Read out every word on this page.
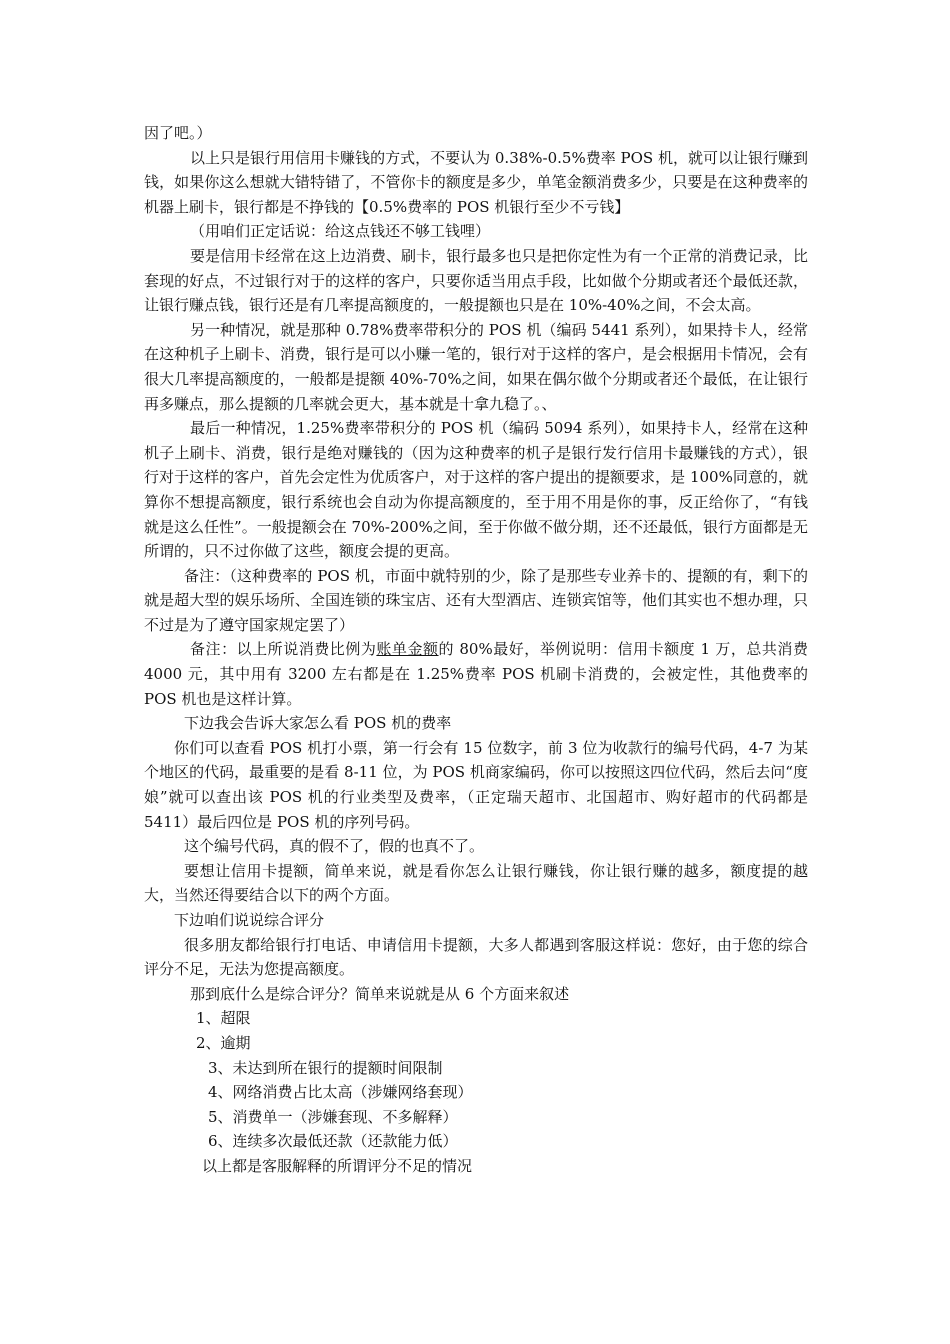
因了吧。）

以上只是银行用信用卡赚钱的方式，不要认为 0.38%-0.5%费率 POS 机，就可以让银行赚到钱，如果你这么想就大错特错了，不管你卡的额度是多少，单笔金额消费多少，只要是在这种费率的机器上刷卡，银行都是不挣钱的【0.5%费率的 POS 机银行至少不亏钱】

（用咱们正定话说：给这点钱还不够工钱哩）

要是信用卡经常在这上边消费、刷卡，银行最多也只是把你定性为有一个正常的消费记录，比套现的好点，不过银行对于的这样的客户，只要你适当用点手段，比如做个分期或者还个最低还款，让银行赚点钱，银行还是有几率提高额度的，一般提额也只是在 10%-40%之间，不会太高。

另一种情况，就是那种 0.78%费率带积分的 POS 机（编码 5441 系列），如果持卡人，经常在这种机子上刷卡、消费，银行是可以小赚一笔的，银行对于这样的客户，是会根据用卡情况，会有很大几率提高额度的，一般都是提额 40%-70%之间，如果在偶尔做个分期或者还个最低，在让银行再多赚点，那么提额的几率就会更大，基本就是十拿九稳了。、

最后一种情况，1.25%费率带积分的 POS 机（编码 5094 系列），如果持卡人，经常在这种机子上刷卡、消费，银行是绝对赚钱的（因为这种费率的机子是银行发行信用卡最赚钱的方式），银行对于这样的客户，首先会定性为优质客户，对于这样的客户提出的提额要求，是 100%同意的，就算你不想提高额度，银行系统也会自动为你提高额度的，至于用不用是你的事，反正给你了，“有钱就是这么任性”。一般提额会在 70%-200%之间，至于你做不做分期，还不还最低，银行方面都是无所谓的，只不过你做了这些，额度会提的更高。

备注：（这种费率的 POS 机，市面中就特别的少，除了是那些专业养卡的、提额的有，剩下的就是超大型的娱乐场所、全国连锁的珠宝店、还有大型酒店、连锁宾馆等，他们其实也不想办理，只不过是为了遵守国家规定罢了）

备注：以上所说消费比例为账单金额的 80%最好，举例说明：信用卡额度 1 万，总共消费 4000 元，其中用有 3200 左右都是在 1.25%费率 POS 机刷卡消费的，会被定性，其他费率的 POS 机也是这样计算。

下边我会告诉大家怎么看 POS 机的费率

你们可以查看 POS 机打小票，第一行会有 15 位数字，前 3 位为收款行的编号代码，4-7 为某个地区的代码，最重要的是看 8-11 位，为 POS 机商家编码，你可以按照这四位代码，然后去问“度娘”就可以查出该 POS 机的行业类型及费率，（正定瑞天超市、北国超市、购好超市的代码都是 5411）最后四位是 POS 机的序列号码。

这个编号代码，真的假不了，假的也真不了。

要想让信用卡提额，简单来说，就是看你怎么让银行赚钱，你让银行赚的越多，额度提的越大，当然还得要结合以下的两个方面。

下边咱们说说综合评分

很多朋友都给银行打电话、申请信用卡提额，大多人都遇到客服这样说：您好，由于您的综合评分不足，无法为您提高额度。

那到底什么是综合评分？简单来说就是从 6 个方面来叙述

1、超限

2、逾期

3、未达到所在银行的提额时间限制

4、网络消费占比太高（涉嫌网络套现）

5、消费单一（涉嫌套现、不多解释）

6、连续多次最低还款（还款能力低）

以上都是客服解释的所谓评分不足的情况
